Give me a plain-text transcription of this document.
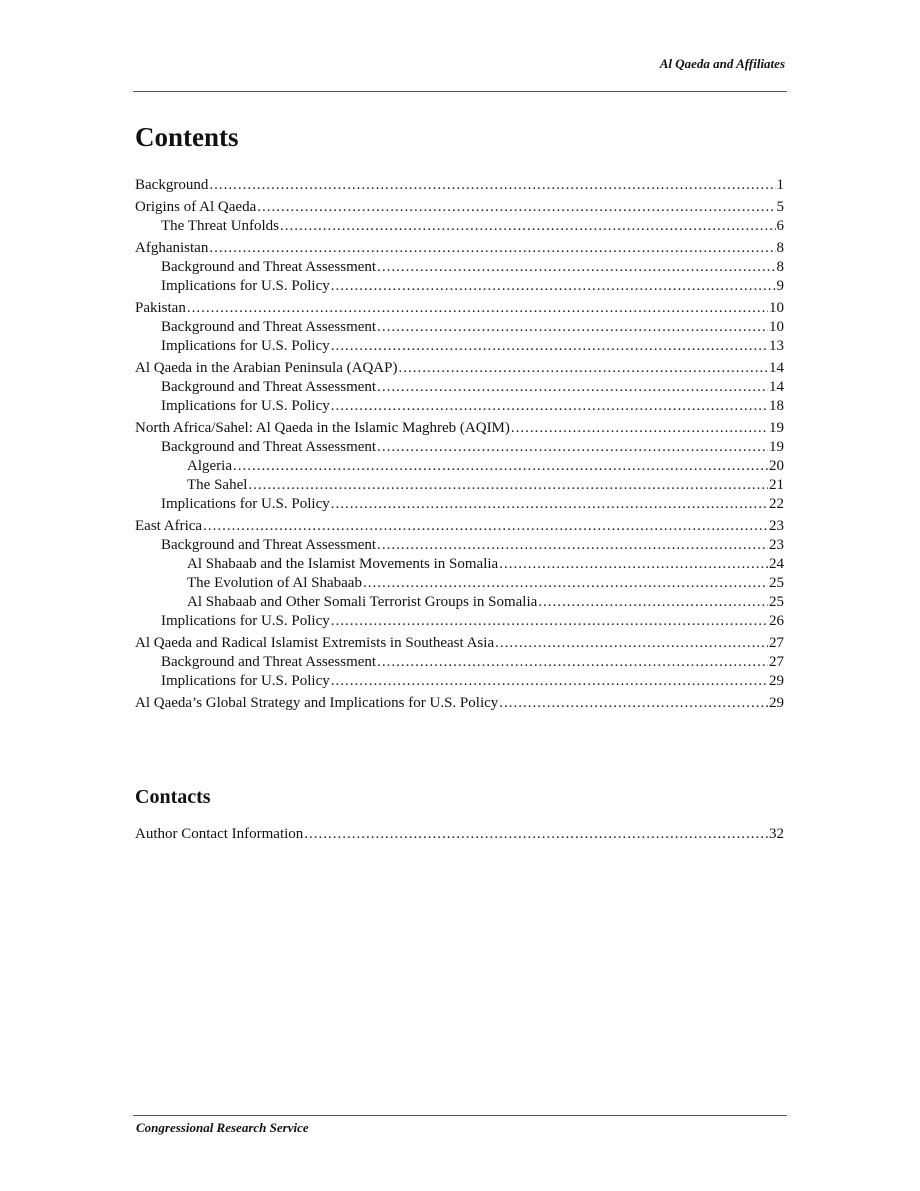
Al Qaeda and Affiliates
Contents
Background .....	1
Origins of Al Qaeda .....	5
The Threat Unfolds .....	6
Afghanistan .....	8
Background and Threat Assessment .....	8
Implications for U.S. Policy .....	9
Pakistan .....	10
Background and Threat Assessment .....	10
Implications for U.S. Policy .....	13
Al Qaeda in the Arabian Peninsula (AQAP) .....	14
Background and Threat Assessment .....	14
Implications for U.S. Policy .....	18
North Africa/Sahel: Al Qaeda in the Islamic Maghreb (AQIM) .....	19
Background and Threat Assessment .....	19
Algeria .....	20
The Sahel .....	21
Implications for U.S. Policy .....	22
East Africa .....	23
Background and Threat Assessment .....	23
Al Shabaab and the Islamist Movements in Somalia .....	24
The Evolution of Al Shabaab .....	25
Al Shabaab and Other Somali Terrorist Groups in Somalia .....	25
Implications for U.S. Policy .....	26
Al Qaeda and Radical Islamist Extremists in Southeast Asia .....	27
Background and Threat Assessment .....	27
Implications for U.S. Policy .....	29
Al Qaeda’s Global Strategy and Implications for U.S. Policy .....	29
Contacts
Author Contact Information .....	32
Congressional Research Service
